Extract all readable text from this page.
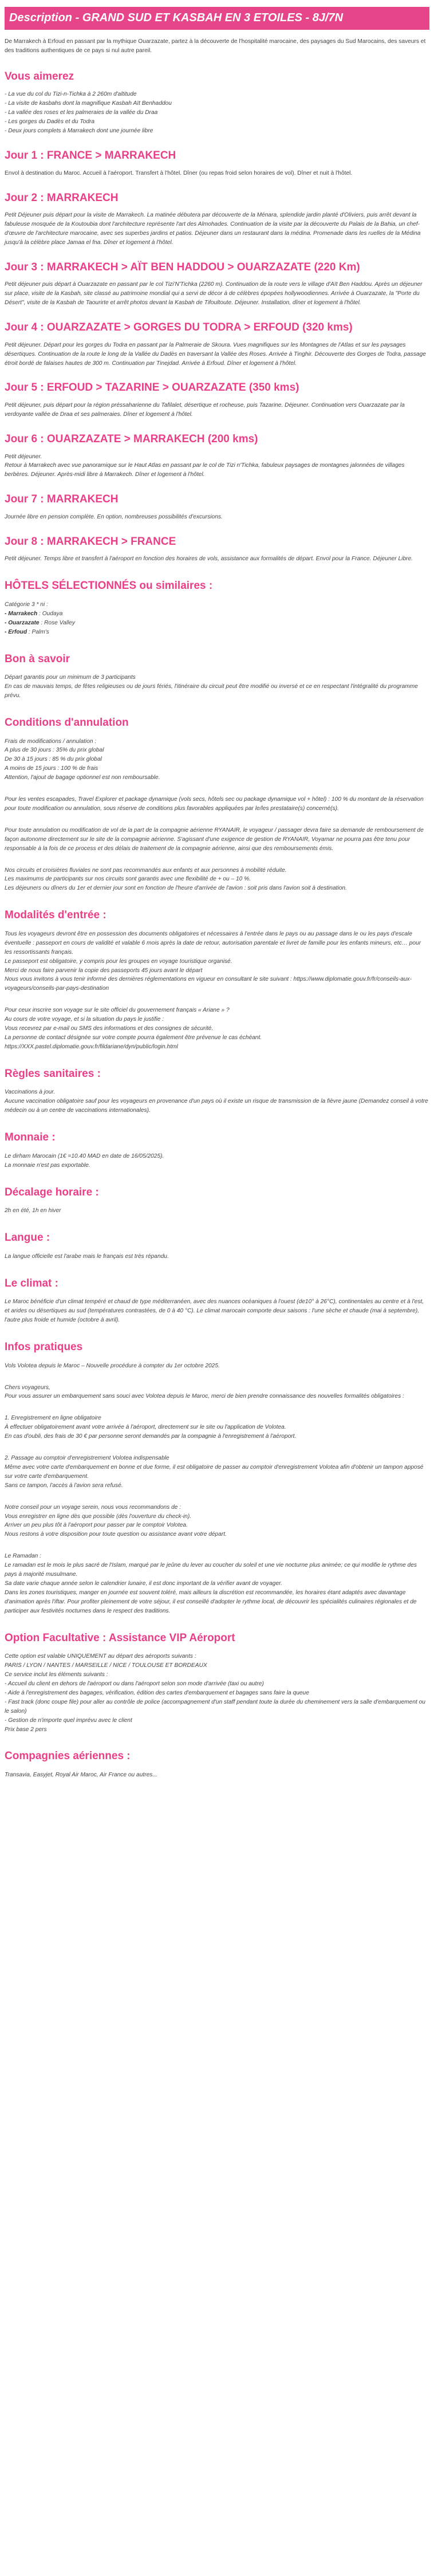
Description - GRAND SUD ET KASBAH EN 3 ETOILES - 8J/7N

De Marrakech à Erfoud en passant par la mythique Ouarzazate, partez à la découverte de l'hospitalité marocaine, des paysages du Sud Marocains, des saveurs et des traditions authentiques de ce pays si nul autre pareil.

Vous aimerez
- La vue du col du Tizi-n-Tichka à 2 260m d'altitude
- La visite de kasbahs dont la magnifique Kasbah Aït Benhaddou
- La vallée des roses et les palmeraies de la vallée du Draa
- Les gorges du Dadès et du Todra
- Deux jours complets à Marrakech dont une journée libre
Jour 1 : FRANCE > MARRAKECH

Envol à destination du Maroc. Accueil à l'aéroport. Transfert à l'hôtel. Dîner (ou repas froid selon horaires de vol). Dîner et nuit à l'hôtel.

Jour 2 : MARRAKECH

Petit Déjeuner puis départ pour la visite de Marrakech. La matinée débutera par découverte de la Ménara, splendide jardin planté d'Oliviers, puis arrêt devant la fabuleuse mosquée de la Koutoubia dont l'architecture représente l'art des Almohades. Continuation de la visite par la découverte du Palais de la Bahia, un chef- d'œuvre de l'architecture marocaine, avec ses superbes jardins et patios. Déjeuner dans un restaurant dans la médina. Promenade dans les ruelles de la Médina jusqu'à la célèbre place Jamaa el fna. Dîner et logement à l'hôtel.

Jour 3 : MARRAKECH > AÏT BEN HADDOU > OUARZAZATE (220 Km)

Petit déjeuner puis départ à Ouarzazate en passant par le col Tizi'N'Tichka (2260 m). Continuation de la route vers le village d'Aït Ben Haddou. Après un déjeuner sur place, visite de la Kasbah, site classé au patrimoine mondial qui a servi de décor à de célèbres épopées hollywoodiennes. Arrivée à Ouarzazate, la "Porte du Désert", visite de la Kasbah de Taourirte et arrêt photos devant la Kasbah de Tifoultoute. Déjeuner. Installation, dîner et logement à l'hôtel.

Jour 4 : OUARZAZATE > GORGES DU TODRA > ERFOUD (320 kms)

Petit déjeuner. Départ pour les gorges du Todra en passant par la Palmeraie de Skoura. Vues magnifiques sur les Montagnes de l'Atlas et sur les paysages désertiques. Continuation de la route le long de la Vallée du Dadès en traversant la Vallée des Roses. Arrivée à Tinghir. Découverte des Gorges de Todra, passage étroit bordé de falaises hautes de 300 m. Continuation par Tinejdad. Arrivée à Erfoud. Dîner et logement à l'hôtel.

Jour 5 : ERFOUD > TAZARINE > OUARZAZATE (350 kms)

Petit déjeuner, puis départ pour la région préssaharienne du Tafilalet, désertique et rocheuse, puis Tazarine. Déjeuner. Continuation vers Ouarzazate par la verdoyante vallée de Draa et ses palmeraies. Dîner et logement à l'hôtel.

Jour 6 : OUARZAZATE > MARRAKECH (200 kms)

Petit déjeuner.
Retour à Marrakech avec vue panoramique sur le Haut Atlas en passant par le col de Tizi n'Tichka, fabuleux paysages de montagnes jalonnées de villages berbères. Déjeuner. Après-midi libre à Marrakech. Dîner et logement à l'hôtel.

Jour 7 : MARRAKECH

Journée libre en pension complète. En option, nombreuses possibilités d'excursions.

Jour 8 : MARRAKECH > FRANCE

Petit déjeuner. Temps libre et transfert à l'aéroport en fonction des horaires de vols, assistance aux formalités de départ. Envol pour la France. Déjeuner Libre.

HÔTELS SÉLECTIONNÉS ou similaires :
Catégorie 3 * ni :
- Marrakech : Oudaya
- Ouarzazate : Rose Valley
- Erfoud : Palm's
Bon à savoir

Départ garantis pour un minimum de 3 participants
En cas de mauvais temps, de fêtes religieuses ou de jours fériés, l'itinéraire du circuit peut être modifié ou inversé et ce en respectant l'intégralité du programme prévu.

Conditions d'annulation

Frais de modifications / annulation :
A plus de 30 jours : 35% du prix global
De 30 à 15 jours : 85 % du prix global
A moins de 15 jours : 100 % de frais
Attention, l'ajout de bagage optionnel est non remboursable.

Pour les ventes escapades, Travel Explorer et package dynamique (vols secs, hôtels sec ou package dynamique vol + hôtel) : 100 % du montant de la réservation pour toute modification ou annulation, sous réserve de conditions plus favorables appliquées par le/les prestataire(s) concerné(s).

Pour toute annulation ou modification de vol de la part de la compagnie aérienne RYANAIR, le voyageur / passager devra faire sa demande de remboursement de façon autonome directement sur le site de la compagnie aérienne. S'agissant d'une exigence de gestion de RYANAIR, Voyamar ne pourra pas être tenu pour responsable à la fois de ce process et des délais de traitement de la compagnie aérienne, ainsi que des remboursements émis.

Nos circuits et croisières fluviales ne sont pas recommandés aux enfants et aux personnes à mobilité réduite.
Les maximums de participants sur nos circuits sont garantis avec une flexibilité de + ou – 10 %.
Les déjeuners ou dîners du 1er et dernier jour sont en fonction de l'heure d'arrivée de l'avion : soit pris dans l'avion soit à destination.

Modalités d'entrée :

Tous les voyageurs devront être en possession des documents obligatoires et nécessaires à l'entrée dans le pays ou au passage dans le ou les pays d'escale éventuelle : passeport en cours de validité et valable 6 mois après la date de retour, autorisation parentale et livret de famille pour les enfants mineurs, etc… pour les ressortissants français.
Le passeport est obligatoire, y compris pour les groupes en voyage touristique organisé.
Merci de nous faire parvenir la copie des passeports 45 jours avant le départ
Nous vous invitons à vous tenir informé des dernières réglementations en vigueur en consultant le site suivant : https://www.diplomatie.gouv.fr/fr/conseils-aux-voyageurs/conseils-par-pays-destination

Pour ceux inscrire son voyage sur le site officiel du gouvernement français « Ariane » ?
Au cours de votre voyage, et si la situation du pays le justifie :
Vous recevrez par e-mail ou SMS des informations et des consignes de sécurité.
La personne de contact désignée sur votre compte pourra également être prévenue le cas échéant.
https://XXX.pastel.diplomatie.gouv.fr/fildariane/dyn/public/login.html

Règles sanitaires :

Vaccinations à jour.
Aucune vaccination obligatoire sauf pour les voyageurs en provenance d'un pays où il existe un risque de transmission de la fièvre jaune (Demandez conseil à votre médecin ou à un centre de vaccinations internationales).

Monnaie :

Le dirham Marocain (1€ =10.40 MAD en date de 16/05/2025).
La monnaie n'est pas exportable.

Décalage horaire :

2h en été, 1h en hiver

Langue :

La langue officielle est l'arabe mais le français est très répandu.

Le climat :

Le Maroc bénéficie d'un climat tempéré et chaud de type méditerranéen, avec des nuances océaniques à l'ouest (de10° à 26°C), continentales au centre et à l'est, et arides ou désertiques au sud (températures contrastées, de 0 à 40 °C). Le climat marocain comporte deux saisons : l'une sèche et chaude (mai à septembre), l'autre plus froide et humide (octobre à avril).

Infos pratiques

Vols Volotea depuis le Maroc – Nouvelle procédure à compter du 1er octobre 2025.

Chers voyageurs,
Pour vous assurer un embarquement sans souci avec Volotea depuis le Maroc, merci de bien prendre connaissance des nouvelles formalités obligatoires :

1. Enregistrement en ligne obligatoire
À effectuer obligatoirement avant votre arrivée à l'aéroport, directement sur le site ou l'application de Volotea.
En cas d'oubli, des frais de 30 € par personne seront demandés par la compagnie à l'enregistrement à l'aéroport.

2. Passage au comptoir d'enregistrement Volotea indispensable
Même avec votre carte d'embarquement en bonne et due forme, il est obligatoire de passer au comptoir d'enregistrement Volotea afin d'obtenir un tampon apposé sur votre carte d'embarquement.
Sans ce tampon, l'accès à l'avion sera refusé.

Notre conseil pour un voyage serein, nous vous recommandons de :
Vous enregistrer en ligne dès que possible (dès l'ouverture du check-in).
Arriver un peu plus tôt à l'aéroport pour passer par le comptoir Volotea.
Nous restons à votre disposition pour toute question ou assistance avant votre départ.

Le Ramadan :
Le ramadan est le mois le plus sacré de l'Islam, marqué par le jeûne du lever au coucher du soleil et une vie nocturne plus animée; ce qui modifie le rythme des pays à majorité musulmane.
Sa date varie chaque année selon le calendrier lunaire, il est donc important de la vérifier avant de voyager.
Dans les zones touristiques, manger en journée est souvent toléré, mais ailleurs la discrétion est recommandée, les horaires étant adaptés avec davantage d'animation après l'iftar. Pour profiter pleinement de votre séjour, il est conseillé d'adopter le rythme local, de découvrir les spécialités culinaires régionales et de participer aux festivités nocturnes dans le respect des traditions.

Option Facultative : Assistance VIP Aéroport

Cette option est valable UNIQUEMENT au départ des aéroports suivants :
PARIS / LYON / NANTES / MARSEILLE / NICE / TOULOUSE ET BORDEAUX
Ce service inclut les éléments suivants :
- Accueil du client en dehors de l'aéroport ou dans l'aéroport selon son mode d'arrivée (taxi ou autre)
- Aide à l'enregistrement des bagages, vérification, édition des cartes d'embarquement et bagages sans faire la queue
- Fast track (donc coupe file) pour aller au contrôle de police (accompagnement d'un staff pendant toute la durée du cheminement vers la salle d'embarquement ou le salon)
- Gestion de n'importe quel imprévu avec le client
Prix base 2 pers

Compagnies aériennes :

Transavia, Easyjet, Royal Air Maroc, Air France ou autres...
